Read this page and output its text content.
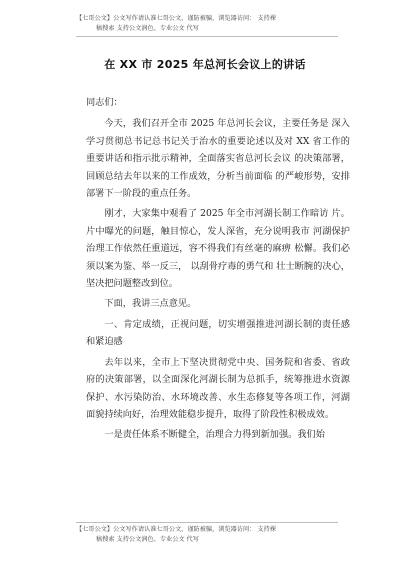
【七哥公文】公文写作请认准七哥公文，谨防被骗，浏览器访问： 支持裸
稿搜索 支持公文润色、专业公文 代写
在 XX 市 2025 年总河长会议上的讲话

同志们：

今天，我们召开全市 2025 年总河长会议，主要任务是 深入学习贯彻总书记总书记关于治水的重要论述以及对 XX 省工作的重要讲话和指示批示精神，全面落实省总河长会议 的决策部署，回顾总结去年以来的工作成效，分析当前面临 的严峻形势，安排部署下一阶段的重点任务。

刚才，大家集中观看了 2025 年全市河湖长制工作暗访 片。片中曝光的问题，触目惊心，发人深省，充分说明我市 河湖保护治理工作依然任重道远，容不得我们有丝毫的麻痹 松懈。我们必须以案为鉴、举一反三， 以刮骨疗毒的勇气和 壮士断腕的决心，坚决把问题整改到位。

下面，我讲三点意见。

一、肯定成绩，正视问题，切实增强推进河湖长制的责任感和紧迫感

去年以来，全市上下坚决贯彻党中央、国务院和省委、省政府的决策部署，以全面深化河湖长制为总抓手，统筹推进水资源保护、水污染防治、水环境改善、水生态修复等各项工作，河湖面貌持续向好，治理效能稳步提升，取得了阶段性积极成效。

一是责任体系不断健全，治理合力得到新加强。我们始

【七哥公文】公文写作请认准七哥公文，谨防被骗，浏览器访问： 支持裸
稿搜索 支持公文润色、专业公文 代写
